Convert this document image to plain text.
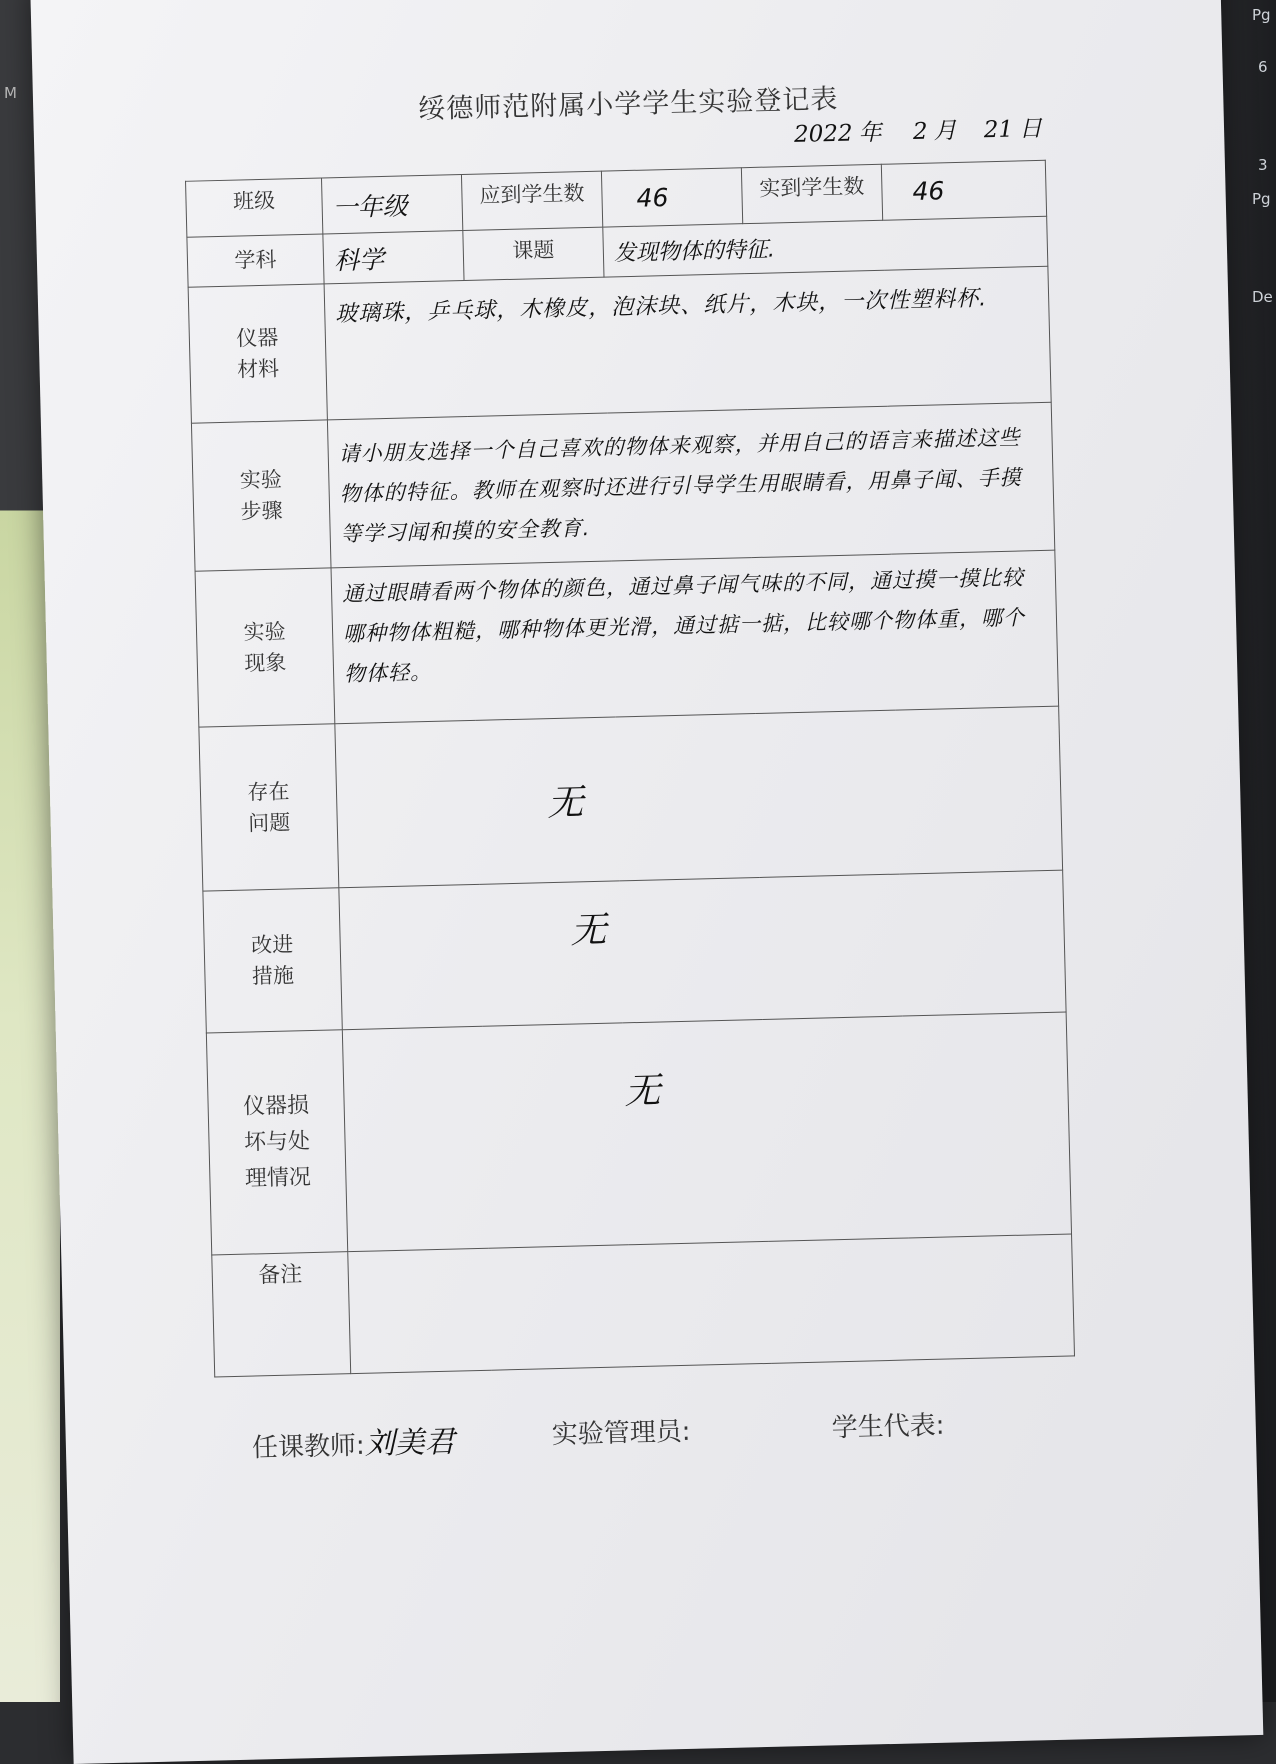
Pg
6
3
Pg
De
M	绥德师范附属小学学生实验登记表
2022 年 2 月 21 日
班级	一年级	应到学生数	46	实到学生数	46
学科	科学	课题	发现物体的特征.		

仪器
材料	玻璃珠，乒乓球，木橡皮，泡沫块、纸片，木块，一次性塑料杯.				

实验
步骤	请小朋友选择一个自己喜欢的物体来观察，并用自己的语言来描述这些物体的特征。教师在观察时还进行引导学生用眼睛看，用鼻子闻、手摸等学习闻和摸的安全教育.				

实验
现象	通过眼睛看两个物体的颜色，通过鼻子闻气味的不同，通过摸一摸比较哪种物体粗糙，哪种物体更光滑，通过掂一掂，比较哪个物体重，哪个物体轻。				

存在
问题	无				

改进
措施	无				

仪器损
坏与处
理情况	无				
备注					
任课教师:刘美君	实验管理员:	学生代表:
